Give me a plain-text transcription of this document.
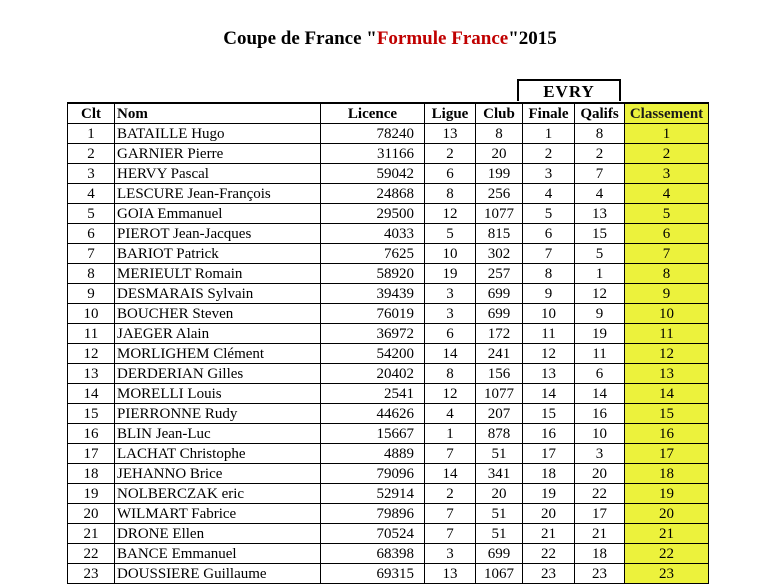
Coupe de France "Formule France"2015
EVRY
Clt	Nom	Licence	Ligue	Club	Finale	Qalifs	Classement
1	BATAILLE Hugo	78240	13	8	1	8	1
2	GARNIER Pierre	31166	2	20	2	2	2
3	HERVY Pascal	59042	6	199	3	7	3
4	LESCURE Jean-François	24868	8	256	4	4	4
5	GOIA Emmanuel	29500	12	1077	5	13	5
6	PIEROT Jean-Jacques	4033	5	815	6	15	6
7	BARIOT Patrick	7625	10	302	7	5	7
8	MERIEULT Romain	58920	19	257	8	1	8
9	DESMARAIS Sylvain	39439	3	699	9	12	9
10	BOUCHER Steven	76019	3	699	10	9	10
11	JAEGER Alain	36972	6	172	11	19	11
12	MORLIGHEM Clément	54200	14	241	12	11	12
13	DERDERIAN Gilles	20402	8	156	13	6	13
14	MORELLI Louis	2541	12	1077	14	14	14
15	PIERRONNE Rudy	44626	4	207	15	16	15
16	BLIN Jean-Luc	15667	1	878	16	10	16
17	LACHAT Christophe	4889	7	51	17	3	17
18	JEHANNO Brice	79096	14	341	18	20	18
19	NOLBERCZAK eric	52914	2	20	19	22	19
20	WILMART Fabrice	79896	7	51	20	17	20
21	DRONE Ellen	70524	7	51	21	21	21
22	BANCE Emmanuel	68398	3	699	22	18	22
23	DOUSSIERE Guillaume	69315	13	1067	23	23	23
